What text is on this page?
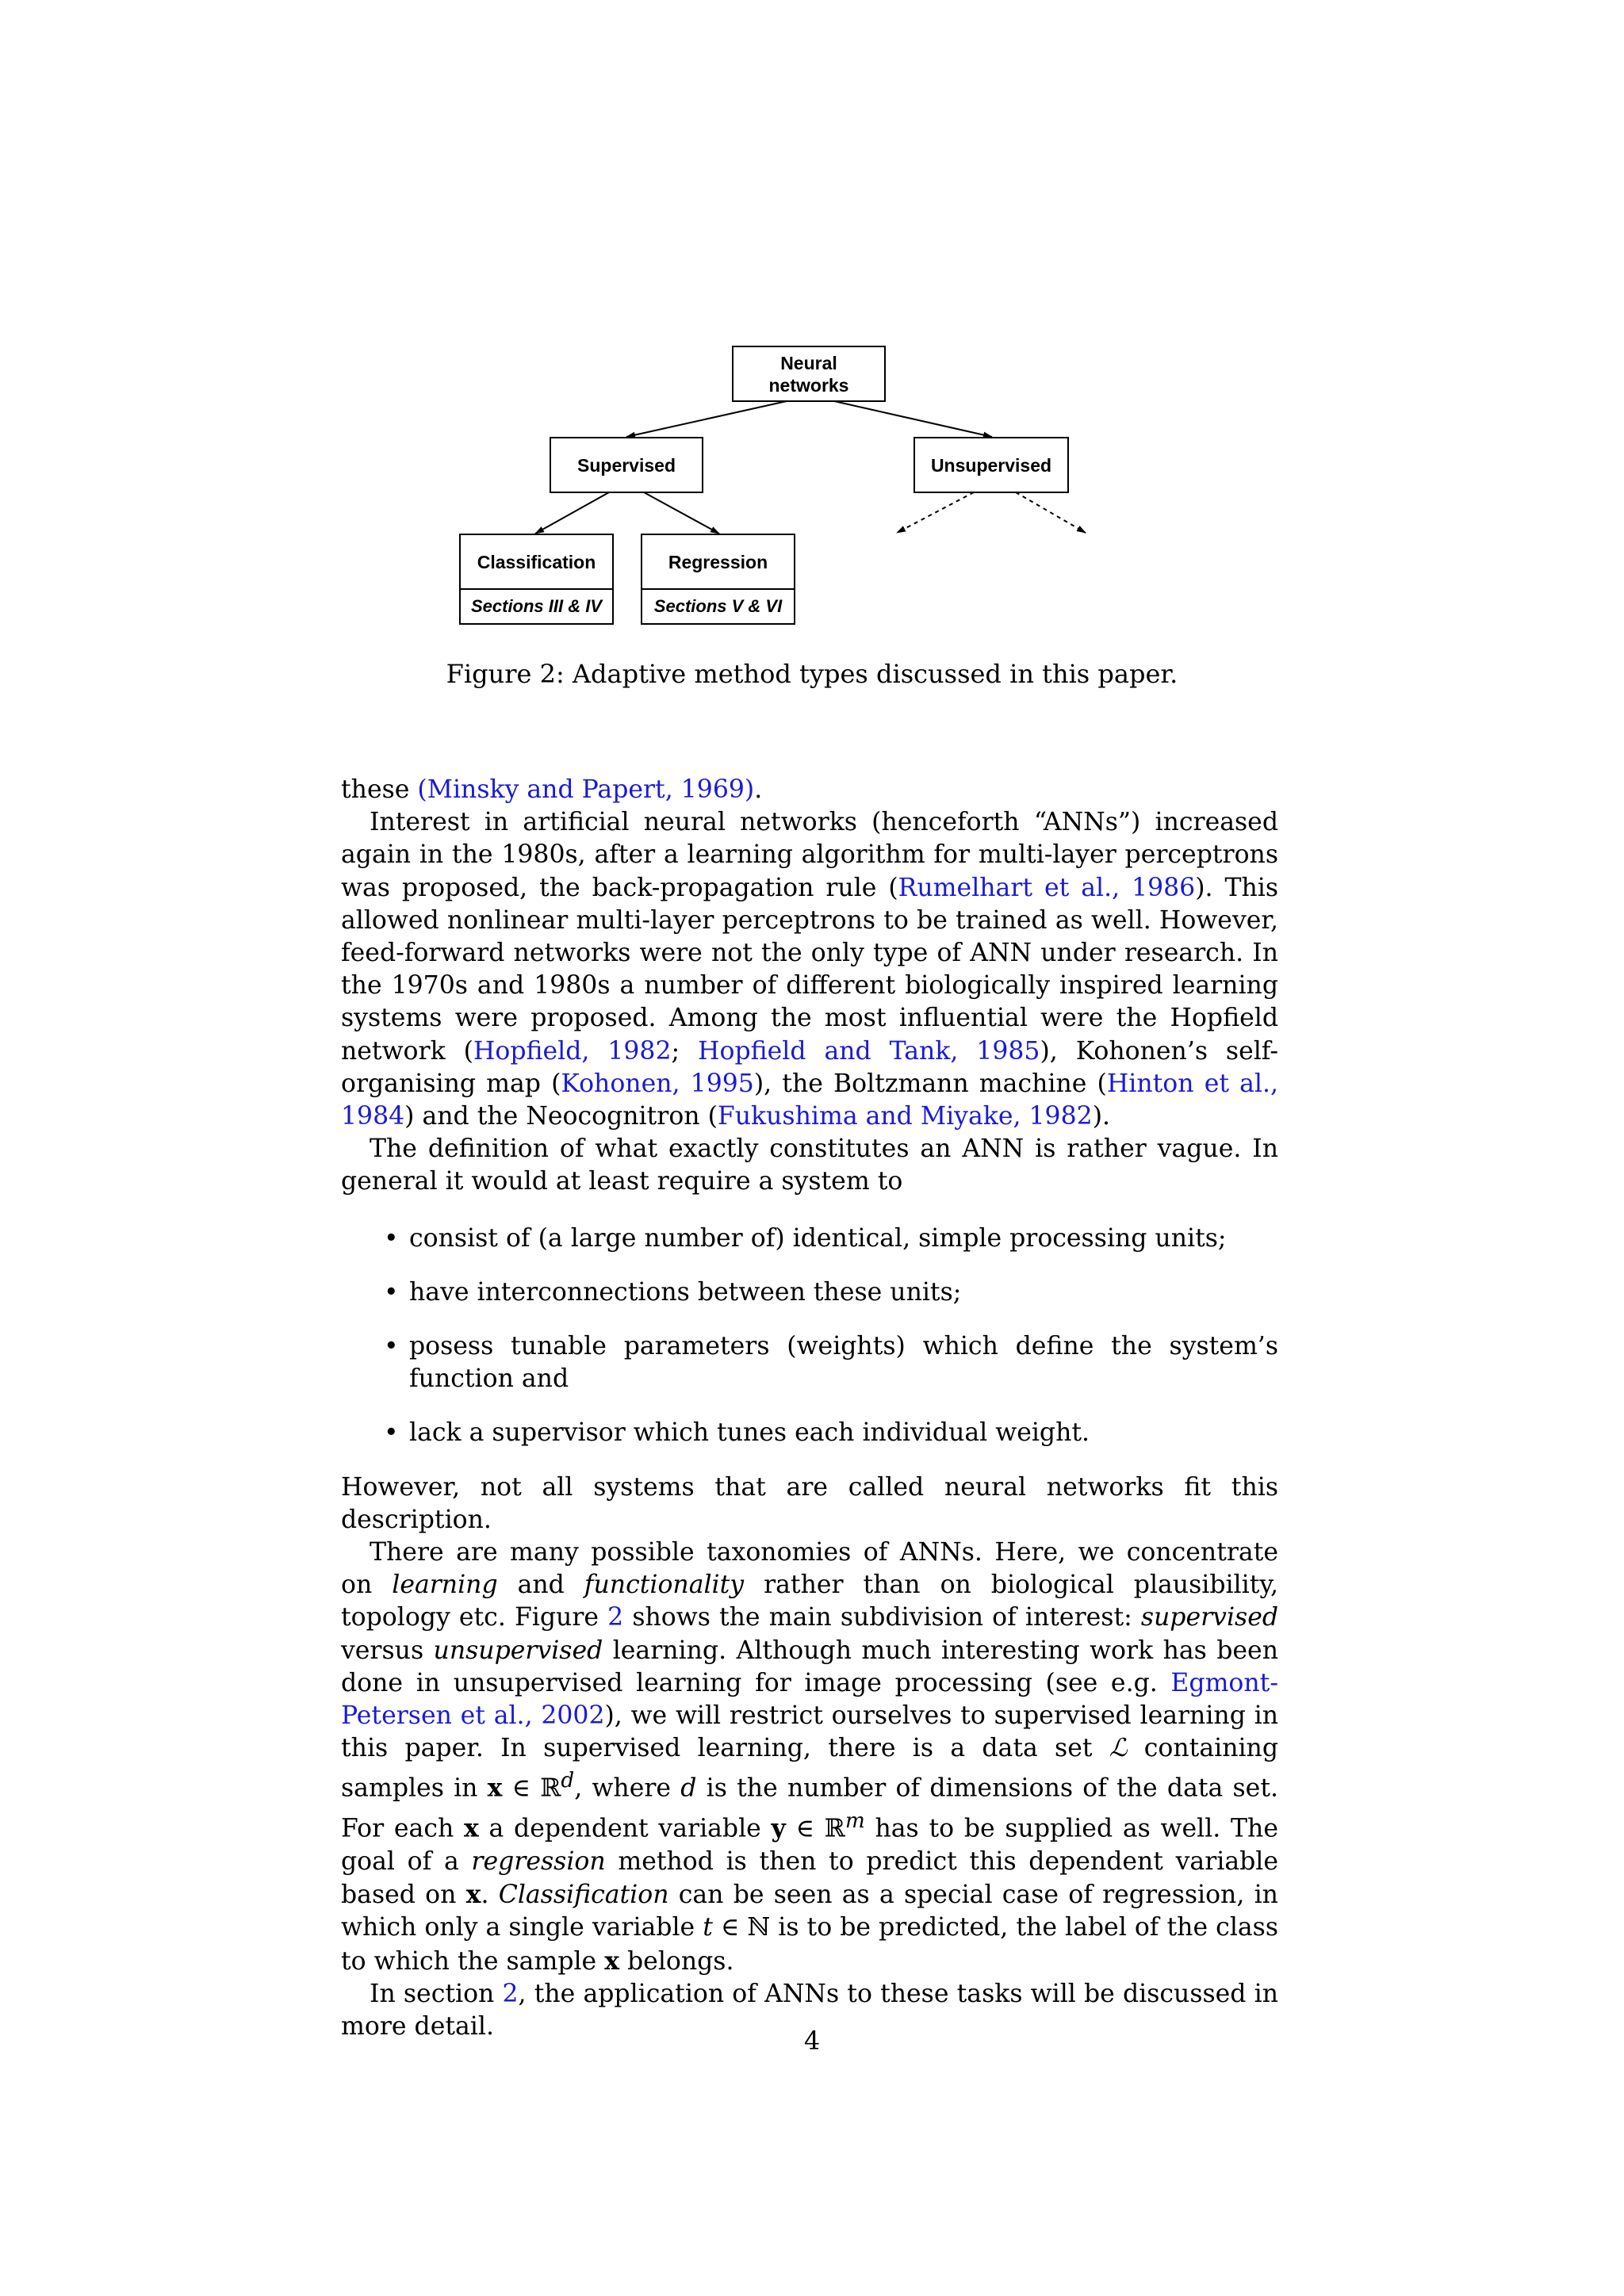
Neural
networks
Supervised	Unsupervised
Classification
Sections III & IV
Regression
Sections V & VI
Figure 2: Adaptive method types discussed in this paper.

these (Minsky and Papert, 1969).

Interest in artificial neural networks (henceforth “ANNs”) increased again in the 1980s, after a learning algorithm for multi-layer perceptrons was proposed, the back-propagation rule (Rumelhart et al., 1986). This allowed nonlinear multi-layer perceptrons to be trained as well. However, feed-forward networks were not the only type of ANN under research. In the 1970s and 1980s a number of different biologically inspired learning systems were proposed. Among the most influential were the Hopfield network (Hopfield, 1982; Hopfield and Tank, 1985), Kohonen’s self-organising map (Kohonen, 1995), the Boltzmann machine (Hinton et al., 1984) and the Neocognitron (Fukushima and Miyake, 1982).

The definition of what exactly constitutes an ANN is rather vague. In general it would at least require a system to

• consist of (a large number of) identical, simple processing units;
• have interconnections between these units;
• posess tunable parameters (weights) which define the system’s function and
• lack a supervisor which tunes each individual weight.

However, not all systems that are called neural networks fit this description.

There are many possible taxonomies of ANNs. Here, we concentrate on learning and functionality rather than on biological plausibility, topology etc. Figure 2 shows the main subdivision of interest: supervised versus unsupervised learning. Although much interesting work has been done in unsupervised learning for image processing (see e.g. Egmont-Petersen et al., 2002), we will restrict ourselves to supervised learning in this paper. In supervised learning, there is a data set ℒ containing samples in x ∈ ℝ$^d$, where d is the number of dimensions of the data set. For each x a dependent variable y ∈ ℝ$^m$ has to be supplied as well. The goal of a regression method is then to predict this dependent variable based on x. Classification can be seen as a special case of regression, in which only a single variable t ∈ ℕ is to be predicted, the label of the class to which the sample x belongs.

In section 2, the application of ANNs to these tasks will be discussed in more detail.	4
